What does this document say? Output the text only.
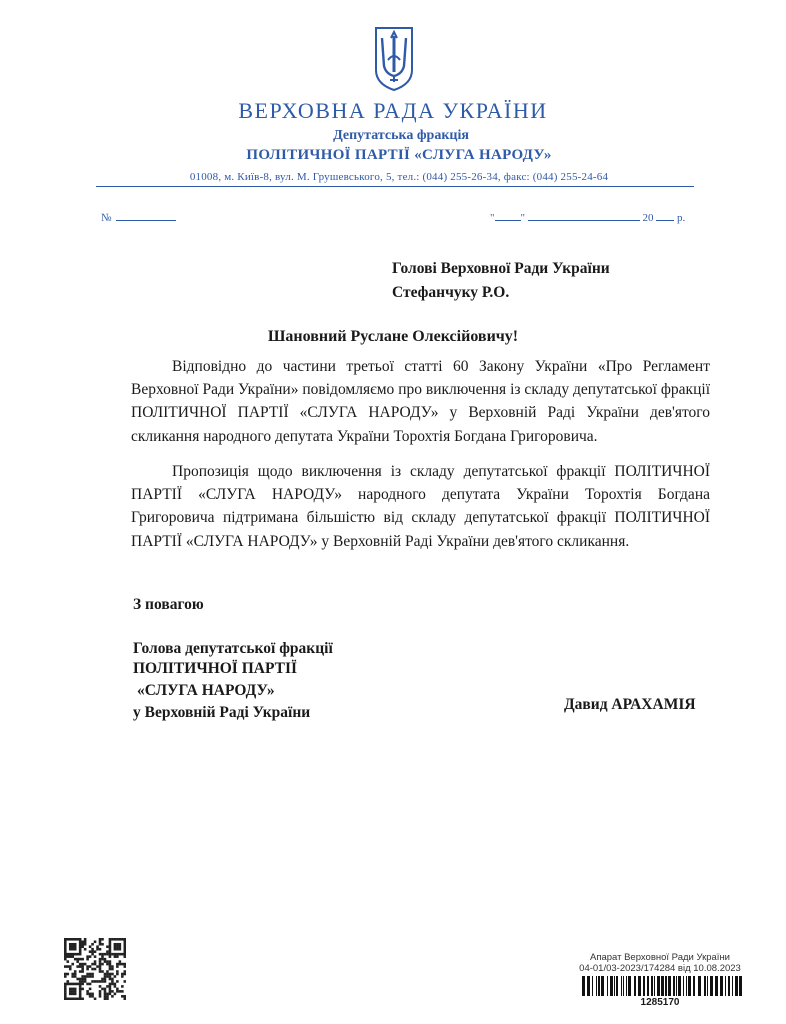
ВЕРХОВНА РАДА УКРАЇНИ
Депутатська фракція
ПОЛІТИЧНОЇ ПАРТІЇ «СЛУГА НАРОДУ»
01008, м. Київ-8, вул. М. Грушевського, 5, тел.: (044) 255-26-34, факс: (044) 255-24-64
№	" "	20 р.
Голові Верховної Ради України
Стефанчуку Р.О.
Шановний Руслане Олексійовичу!
Відповідно до частини третьої статті 60 Закону України «Про Регламент Верховної Ради України» повідомляємо про виключення із складу депутатської фракції ПОЛІТИЧНОЇ ПАРТІЇ «СЛУГА НАРОДУ» у Верховній Раді України дев'ятого скликання народного депутата України Торохтія Богдана Григоровича.
Пропозиція щодо виключення із складу депутатської фракції ПОЛІТИЧНОЇ ПАРТІЇ «СЛУГА НАРОДУ» народного депутата України Торохтія Богдана Григоровича підтримана більшістю від складу депутатської фракції ПОЛІТИЧНОЇ ПАРТІЇ «СЛУГА НАРОДУ» у Верховній Раді України дев'ятого скликання.
З повагою
Голова депутатської фракції
ПОЛІТИЧНОЇ ПАРТІЇ
«СЛУГА НАРОДУ»
у Верховній Раді України	Давид АРАХАМІЯ
Апарат Верховної Ради України
04-01/03-2023/174284 від 10.08.2023
1285170
